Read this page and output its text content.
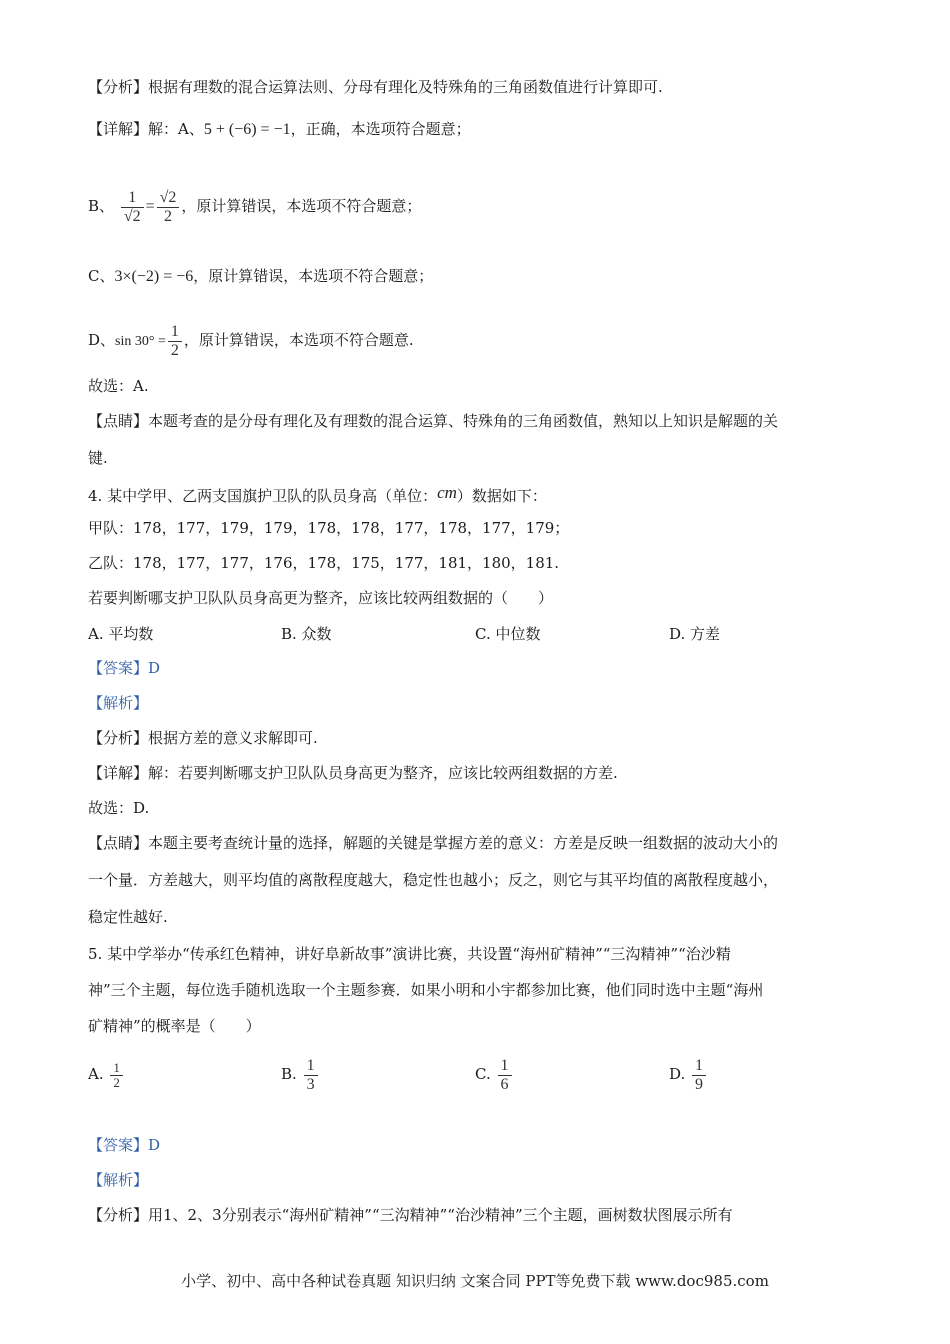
【分析】根据有理数的混合运算法则、分母有理化及特殊角的三角函数值进行计算即可.
【详解】解：A、5 + (−6) = −1，正确，本选项符合题意；
B、 $\frac{1}{√2} = \frac{√2}{2}$ ，原计算错误，本选项不符合题意；
C、3×(−2) = −6，原计算错误，本选项不符合题意；
D、$\sin 30^\circ = \frac{1}{2}$ ，原计算错误，本选项不符合题意.
故选：A.
【点睛】本题考查的是分母有理化及有理数的混合运算、特殊角的三角函数值，熟知以上知识是解题的关
键.
4. 某中学甲、乙两支国旗护卫队的队员身高（单位：cm）数据如下：
甲队：178，177，179，179，178，178，177，178，177，179；
乙队：178，177，177，176，178，175，177，181，180，181.
若要判断哪支护卫队队员身高更为整齐，应该比较两组数据的（　　）
A. 平均数	B. 众数	C. 中位数	D. 方差
【答案】D
【解析】
【分析】根据方差的意义求解即可.
【详解】解：若要判断哪支护卫队队员身高更为整齐，应该比较两组数据的方差.
故选：D.
【点睛】本题主要考查统计量的选择，解题的关键是掌握方差的意义：方差是反映一组数据的波动大小的
一个量．方差越大，则平均值的离散程度越大，稳定性也越小；反之，则它与其平均值的离散程度越小，
稳定性越好.
5. 某中学举办“传承红色精神，讲好阜新故事”演讲比赛，共设置“海州矿精神”“三沟精神”“治沙精
神”三个主题，每位选手随机选取一个主题参赛．如果小明和小宇都参加比赛，他们同时选中主题“海州
矿精神”的概率是（　　）
A. $\frac{1}{2}$	B. $\frac{1}{3}$	C. $\frac{1}{6}$	D. $\frac{1}{9}$
【答案】D
【解析】
【分析】用1、2、3分别表示“海州矿精神”“三沟精神”“治沙精神”三个主题，画树数状图展示所有
小学、初中、高中各种试卷真题 知识归纳 文案合同 PPT等免费下载 www.doc985.com
